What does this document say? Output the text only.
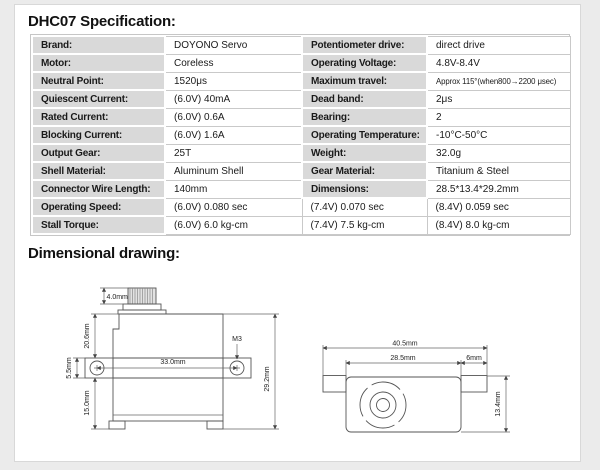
DHC07 Specification:
Brand:	DOYONO Servo	Potentiometer drive:	direct drive
Motor:	Coreless	Operating Voltage:	4.8V-8.4V
Neutral Point:	1520μs	Maximum travel:	Approx 115°(when800→2200 μsec)
Quiescent Current:	(6.0V) 40mA	Dead band:	2μs
Rated Current:	(6.0V) 0.6A	Bearing:	2
Blocking Current:	(6.0V) 1.6A	Operating Temperature:	-10°C-50°C
Output Gear:	25T	Weight:	32.0g
Shell Material:	Aluminum Shell	Gear Material:	Titanium & Steel
Connector Wire Length:	140mm	Dimensions:	28.5*13.4*29.2mm
Operating Speed:	(6.0V) 0.080 sec	(7.4V) 0.070 sec	(8.4V) 0.059 sec
Stall Torque:	(6.0V) 6.0 kg-cm	(7.4V) 7.5 kg-cm	(8.4V) 8.0 kg-cm
Dimensional drawing:
4.0mm
20.6mm
5.5mm
15.0mm
33.0mm
29.2mm
M3
40.5mm
28.5mm	6mm
13.4mm
